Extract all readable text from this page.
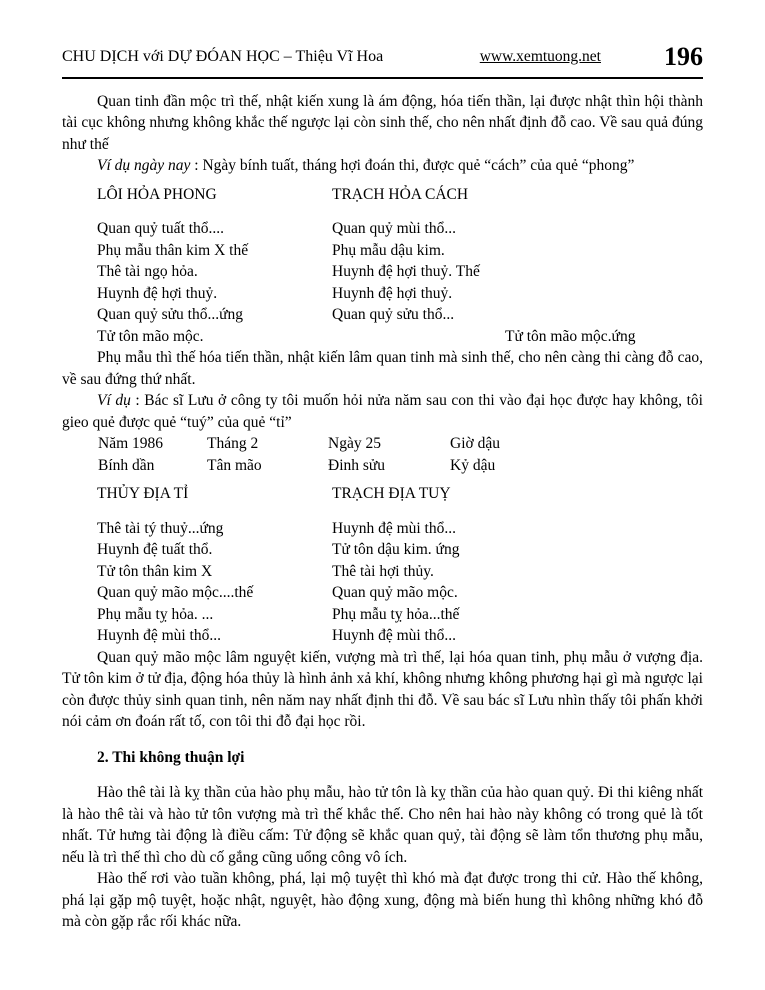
CHU DỊCH với DỰ ĐÓAN HỌC – Thiệu Vĩ Hoa	www.xemtuong.net 196

Quan tinh đần mộc trì thế, nhật kiến xung là ám động, hóa tiến thần, lại được nhật thìn hội thành tài cục không nhưng không khắc thế ngược lại còn sinh thế, cho nên nhất định đỗ cao. Về sau quả đúng như thế

Ví dụ ngày nay : Ngày bính tuất, tháng hợi đoán thi, được quẻ “cách” của quẻ “phong”

LÔI HỎA PHONG	TRẠCH HỎA CÁCH

Quan quỷ tuất thổ....	Quan quỷ mùi thổ...

Phụ mẫu thân kim X thế	Phụ mẫu dậu kim.

Thê tài ngọ hỏa.	Huynh đệ hợi thuỷ. Thế

Huynh đệ hợi thuỷ.	Huynh đệ hợi thuỷ.

Quan quỷ sửu thổ...ứng	Quan quỷ sửu thổ...

Tử tôn mão mộc.	Tử tôn mão mộc.ứng

Phụ mẫu thì thế hóa tiến thần, nhật kiến lâm quan tinh mà sinh thế, cho nên càng thi càng đỗ cao, về sau đứng thứ nhất.

Ví dụ : Bác sĩ Lưu ở công ty tôi muốn hỏi nửa năm sau con thi vào đại học được hay không, tôi gieo quẻ được quẻ “tuý” của quẻ “tỉ”

Năm 1986	Tháng 2	Ngày 25	Giờ dậu

Bính dần	Tân mão	Đinh sửu	Kỷ dậu

THỦY ĐỊA TỈ	TRẠCH ĐỊA TUỴ

Thê tài tý thuỷ...ứng	Huynh đệ mùi thổ...

Huynh đệ tuất thổ.	Tử tôn dậu kim. ứng

Tử tôn thân kim X	Thê tài hợi thủy.

Quan quỷ mão mộc....thế	Quan quỷ mão mộc.

Phụ mẫu tỵ hỏa. ...	Phụ mẫu tỵ hỏa...thế

Huynh đệ mùi thổ...	Huynh đệ mùi thổ...

Quan quỷ mão mộc lâm nguyệt kiến, vượng mà trì thế, lại hóa quan tinh, phụ mẫu ở vượng địa. Tử tôn kim ở tử địa, động hóa thủy là hình ảnh xả khí, không nhưng không phương hại gì mà ngược lại còn được thủy sinh quan tinh, nên năm nay nhất định thi đỗ. Về sau bác sĩ Lưu nhìn thấy tôi phấn khởi nói cảm ơn đoán rất tố, con tôi thi đỗ đại học rồi.

2. Thi không thuận lợi

Hào thê tài là kỵ thần của hào phụ mẫu, hào tử tôn là kỵ thần của hào quan quỷ. Đi thi kiêng nhất là hào thê tài và hào tử tôn vượng mà trì thế khắc thế. Cho nên hai hào này không có trong quẻ là tốt nhất. Tử hưng tài động là điều cấm: Tử động sẽ khắc quan quỷ, tài động sẽ làm tổn thương phụ mẫu, nếu là trì thế thì cho dù cố gắng cũng uổng công vô ích.

Hào thế rơi vào tuần không, phá, lại mộ tuyệt thì khó mà đạt được trong thi cử. Hào thế không, phá lại gặp mộ tuyệt, hoặc nhật, nguyệt, hào động xung, động mà biến hung thì không những khó đỗ mà còn gặp rắc rối khác nữa.
